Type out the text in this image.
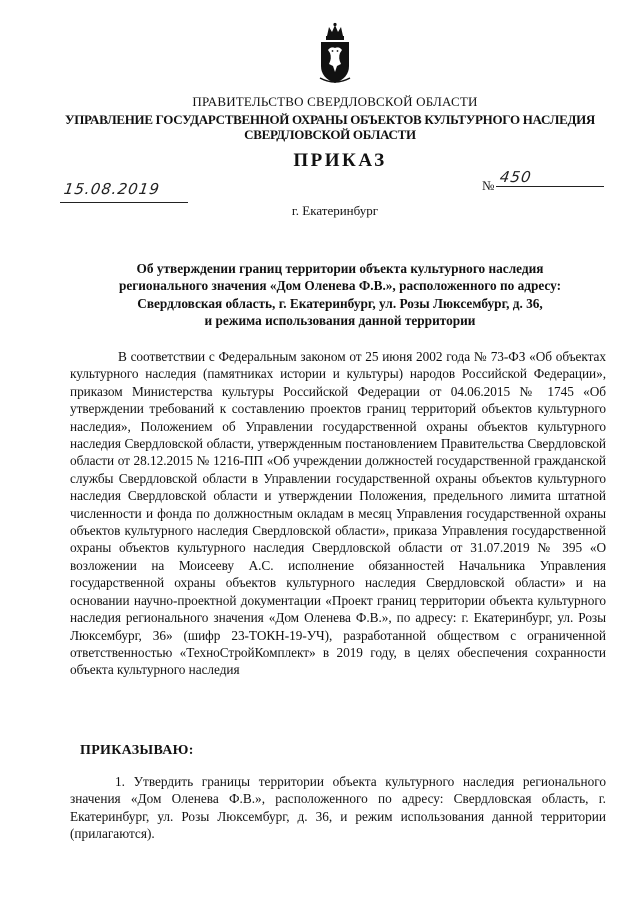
ПРАВИТЕЛЬСТВО СВЕРДЛОВСКОЙ ОБЛАСТИ
УПРАВЛЕНИЕ ГОСУДАРСТВЕННОЙ ОХРАНЫ ОБЪЕКТОВ КУЛЬТУРНОГО НАСЛЕДИЯ
СВЕРДЛОВСКОЙ ОБЛАСТИ
ПРИКАЗ
15.08.2019	№ 450
г. Екатеринбург
Об утверждении границ территории объекта культурного наследия
регионального значения «Дом Оленева Ф.В.», расположенного по адресу:
Свердловская область, г. Екатеринбург, ул. Розы Люксембург, д. 36,
и режима использования данной территории
В соответствии с Федеральным законом от 25 июня 2002 года № 73-ФЗ «Об объектах культурного наследия (памятниках истории и культуры) народов Российской Федерации», приказом Министерства культуры Российской Федерации от 04.06.2015 № 1745 «Об утверждении требований к составлению проектов границ территорий объектов культурного наследия», Положением об Управлении государственной охраны объектов культурного наследия Свердловской области, утвержденным постановлением Правительства Свердловской области от 28.12.2015 № 1216-ПП «Об учреждении должностей государственной гражданской службы Свердловской области в Управлении государственной охраны объектов культурного наследия Свердловской области и утверждении Положения, предельного лимита штатной численности и фонда по должностным окладам в месяц Управления государственной охраны объектов культурного наследия Свердловской области», приказа Управления государственной охраны объектов культурного наследия Свердловской области от 31.07.2019 № 395 «О возложении на Моисееву А.С. исполнение обязанностей Начальника Управления государственной охраны объектов культурного наследия Свердловской области» и на основании научно-проектной документации «Проект границ территории объекта культурного наследия регионального значения «Дом Оленева Ф.В.», по адресу: г. Екатеринбург, ул. Розы Люксембург, 36» (шифр 23-ТОКН-19-УЧ), разработанной обществом с ограниченной ответственностью «ТехноСтройКомплект» в 2019 году, в целях обеспечения сохранности объекта культурного наследия
ПРИКАЗЫВАЮ:
1. Утвердить границы территории объекта культурного наследия регионального значения «Дом Оленева Ф.В.», расположенного по адресу: Свердловская область, г. Екатеринбург, ул. Розы Люксембург, д. 36, и режим использования данной территории (прилагаются).
